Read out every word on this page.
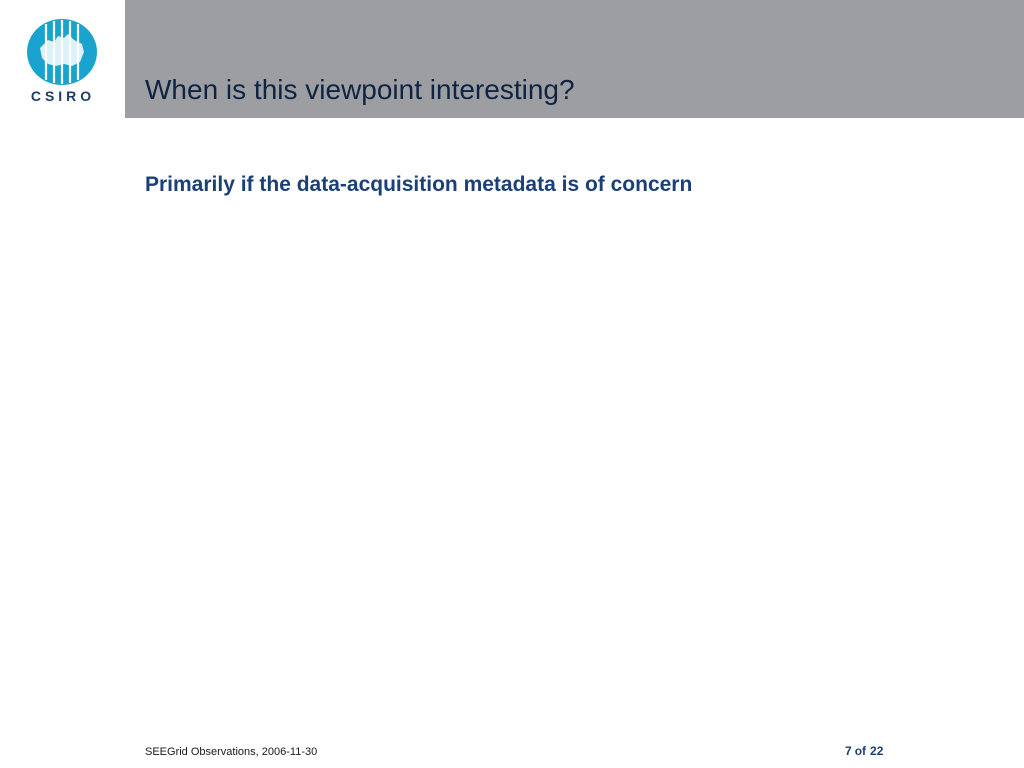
CSIRO	When is this viewpoint interesting?
Primarily if the data-acquisition metadata is of concern
SEEGrid Observations, 2006-11-30	7 of 22
